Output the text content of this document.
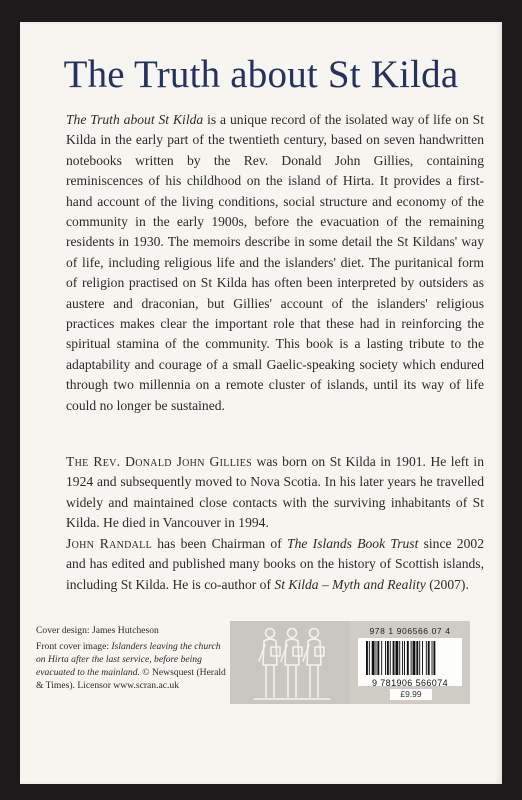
The Truth about St Kilda

The Truth about St Kilda is a unique record of the isolated way of life on St Kilda in the early part of the twentieth century, based on seven handwritten notebooks written by the Rev. Donald John Gillies, containing reminiscences of his childhood on the island of Hirta. It provides a first-hand account of the living conditions, social structure and economy of the community in the early 1900s, before the evacuation of the remaining residents in 1930. The memoirs describe in some detail the St Kildans' way of life, including religious life and the islanders' diet. The puritanical form of religion practised on St Kilda has often been interpreted by outsiders as austere and draconian, but Gillies' account of the islanders' religious practices makes clear the important role that these had in reinforcing the spiritual stamina of the community. This book is a lasting tribute to the adaptability and courage of a small Gaelic-speaking society which endured through two millennia on a remote cluster of islands, until its way of life could no longer be sustained.

The Rev. Donald John Gillies was born on St Kilda in 1901. He left in 1924 and subsequently moved to Nova Scotia. In his later years he travelled widely and maintained close contacts with the surviving inhabitants of St Kilda. He died in Vancouver in 1994.

John Randall has been Chairman of The Islands Book Trust since 2002 and has edited and published many books on the history of Scottish islands, including St Kilda. He is co-author of St Kilda – Myth and Reality (2007).

Cover design: James Hutcheson

Front cover image: Islanders leaving the church on Hirta after the last service, before being evacuated to the mainland. © Newsquest (Herald & Times). Licensor www.scran.ac.uk

978 1 906566 07 4
9 781906 566074
£9.99
